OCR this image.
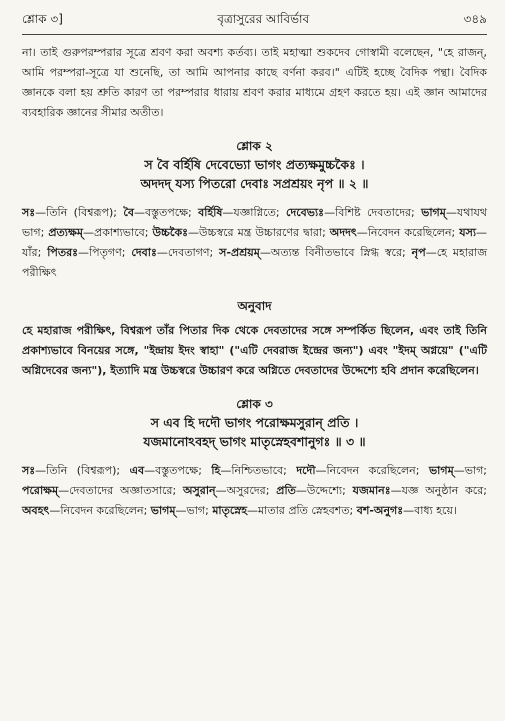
শ্লোক ৩]	বৃত্রাসুরের আবির্ভাব	৩৪৯

না। তাই গুরুপরম্পরার সূত্রে শ্রবণ করা অবশ্য কর্তব্য। তাই মহাত্মা শুকদেব গোস্বামী বলেছেন, "হে রাজন্, আমি পরম্পরা-সূত্রে যা শুনেছি, তা আমি আপনার কাছে বর্ণনা করব।" এটিই হচ্ছে বৈদিক পন্থা। বৈদিক জ্ঞানকে বলা হয় শ্রুতি কারণ তা পরম্পরার ধারায় শ্রবণ করার মাধ্যমে গ্রহণ করতে হয়। এই জ্ঞান আমাদের ব্যবহারিক জ্ঞানের সীমার অতীত।

শ্লোক ২

স বৈ বর্হিষি দেবেভ্যো ভাগং প্রত্যক্ষমুচ্চকৈঃ ।

অদদদ্ যস্য পিতরো দেবাঃ সপ্রশ্রয়ং নৃপ ॥ ২ ॥

সঃ—তিনি (বিশ্বরূপ); বৈ—বস্তুতপক্ষে; বর্হিষি—যজ্ঞাগ্নিতে; দেবেভ্যঃ—বিশিষ্ট দেবতাদের; ভাগম্—যথাযথ ভাগ; প্রত্যক্ষম্—প্রকাশ্যভাবে; উচ্চকৈঃ—উচ্চস্বরে মন্ত্র উচ্চারণের দ্বারা; অদদৎ—নিবেদন করেছিলেন; যস্য—যাঁর; পিতরঃ—পিতৃগণ; দেবাঃ—দেবতাগণ; স-প্রশ্রয়ম্—অত্যন্ত বিনীতভাবে স্নিগ্ধ স্বরে; নৃপ—হে মহারাজ পরীক্ষিৎ

অনুবাদ

হে মহারাজ পরীক্ষিৎ, বিশ্বরূপ তাঁর পিতার দিক থেকে দেবতাদের সঙ্গে সম্পর্কিত ছিলেন, এবং তাই তিনি প্রকাশ্যভাবে বিনয়ের সঙ্গে, "ইন্দ্রায় ইদং স্বাহা" ("এটি দেবরাজ ইন্দ্রের জন্য") এবং "ইদম্ অগ্নয়ে" ("এটি অগ্নিদেবের জন্য"), ইত্যাদি মন্ত্র উচ্চস্বরে উচ্চারণ করে অগ্নিতে দেবতাদের উদ্দেশ্যে হবি প্রদান করেছিলেন।

শ্লোক ৩

স এব হি দদৌ ভাগং পরোক্ষমসুরান্ প্রতি ।

যজমানোঽবহদ্ ভাগং মাতৃস্নেহবশানুগঃ ॥ ৩ ॥

সঃ—তিনি (বিশ্বরূপ); এব—বস্তুতপক্ষে; হি—নিশ্চিতভাবে; দদৌ—নিবেদন করেছিলেন; ভাগম্—ভাগ; পরোক্ষম্—দেবতাদের অজ্ঞাতসারে; অসুরান্—অসুরদের; প্রতি—উদ্দেশ্যে; যজমানঃ—যজ্ঞ অনুষ্ঠান করে; অবহৎ—নিবেদন করেছিলেন; ভাগম্—ভাগ; মাতৃস্নেহ—মাতার প্রতি স্নেহবশত; বশ-অনুগঃ—বাধ্য হয়ে।
